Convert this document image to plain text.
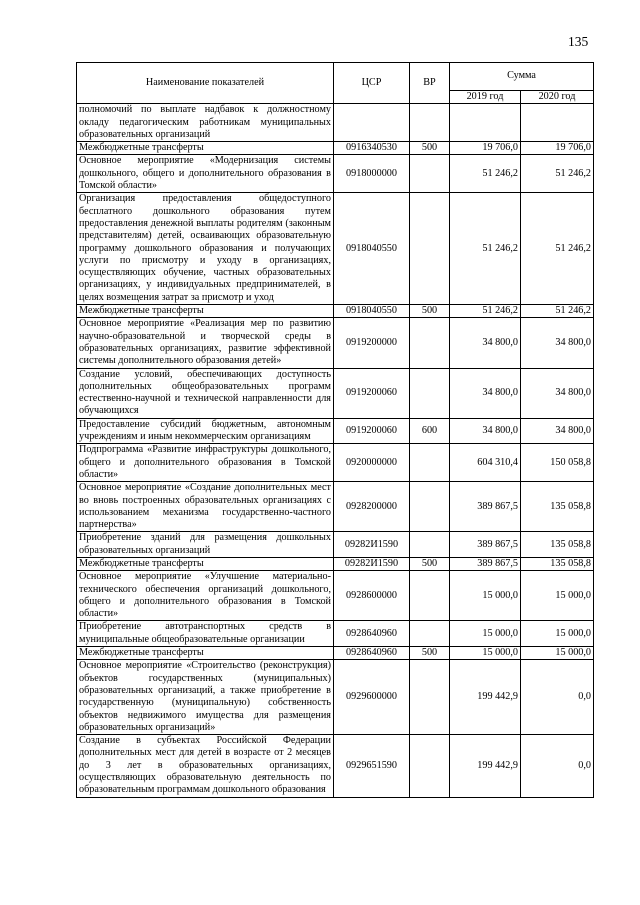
135
Наименование показателей	ЦСР	ВР	Сумма	
			2019 год	2020 год
полномочий по выплате надбавок к должностному окладу педагогическим работникам муниципальных образовательных организаций				
Межбюджетные трансферты	0916340530	500	19 706,0	19 706,0
Основное мероприятие «Модернизация системы дошкольного, общего и дополнительного образования в Томской области»	0918000000		51 246,2	51 246,2
Организация предоставления общедоступного бесплатного дошкольного образования путем предоставления денежной выплаты родителям (законным представителям) детей, осваивающих образовательную программу дошкольного образования и получающих услуги по присмотру и уходу в организациях, осуществляющих обучение, частных образовательных организациях, у индивидуальных предпринимателей, в целях возмещения затрат за присмотр и уход	0918040550		51 246,2	51 246,2
Межбюджетные трансферты	0918040550	500	51 246,2	51 246,2
Основное мероприятие «Реализация мер по развитию научно-образовательной и творческой среды в образовательных организациях, развитие эффективной системы дополнительного образования детей»	0919200000		34 800,0	34 800,0
Создание условий, обеспечивающих доступность дополнительных общеобразовательных программ естественно-научной и технической направленности для обучающихся	0919200060		34 800,0	34 800,0
Предоставление субсидий бюджетным, автономным учреждениям и иным некоммерческим организациям	0919200060	600	34 800,0	34 800,0
Подпрограмма «Развитие инфраструктуры дошкольного, общего и дополнительного образования в Томской области»	0920000000		604 310,4	150 058,8
Основное мероприятие «Создание дополнительных мест во вновь построенных образовательных организациях с использованием механизма государственно-частного партнерства»	0928200000		389 867,5	135 058,8
Приобретение зданий для размещения дошкольных образовательных организаций	09282И1590		389 867,5	135 058,8
Межбюджетные трансферты	09282И1590	500	389 867,5	135 058,8
Основное мероприятие «Улучшение материально-технического обеспечения организаций дошкольного, общего и дополнительного образования в Томской области»	0928600000		15 000,0	15 000,0
Приобретение автотранспортных средств в муниципальные общеобразовательные организации	0928640960		15 000,0	15 000,0
Межбюджетные трансферты	0928640960	500	15 000,0	15 000,0
Основное мероприятие «Строительство (реконструкция) объектов государственных (муниципальных) образовательных организаций, а также приобретение в государственную (муниципальную) собственность объектов недвижимого имущества для размещения образовательных организаций»	0929600000		199 442,9	0,0
Создание в субъектах Российской Федерации дополнительных мест для детей в возрасте от 2 месяцев до 3 лет в образовательных организациях, осуществляющих образовательную деятельность по образовательным программам дошкольного образования	0929651590		199 442,9	0,0
